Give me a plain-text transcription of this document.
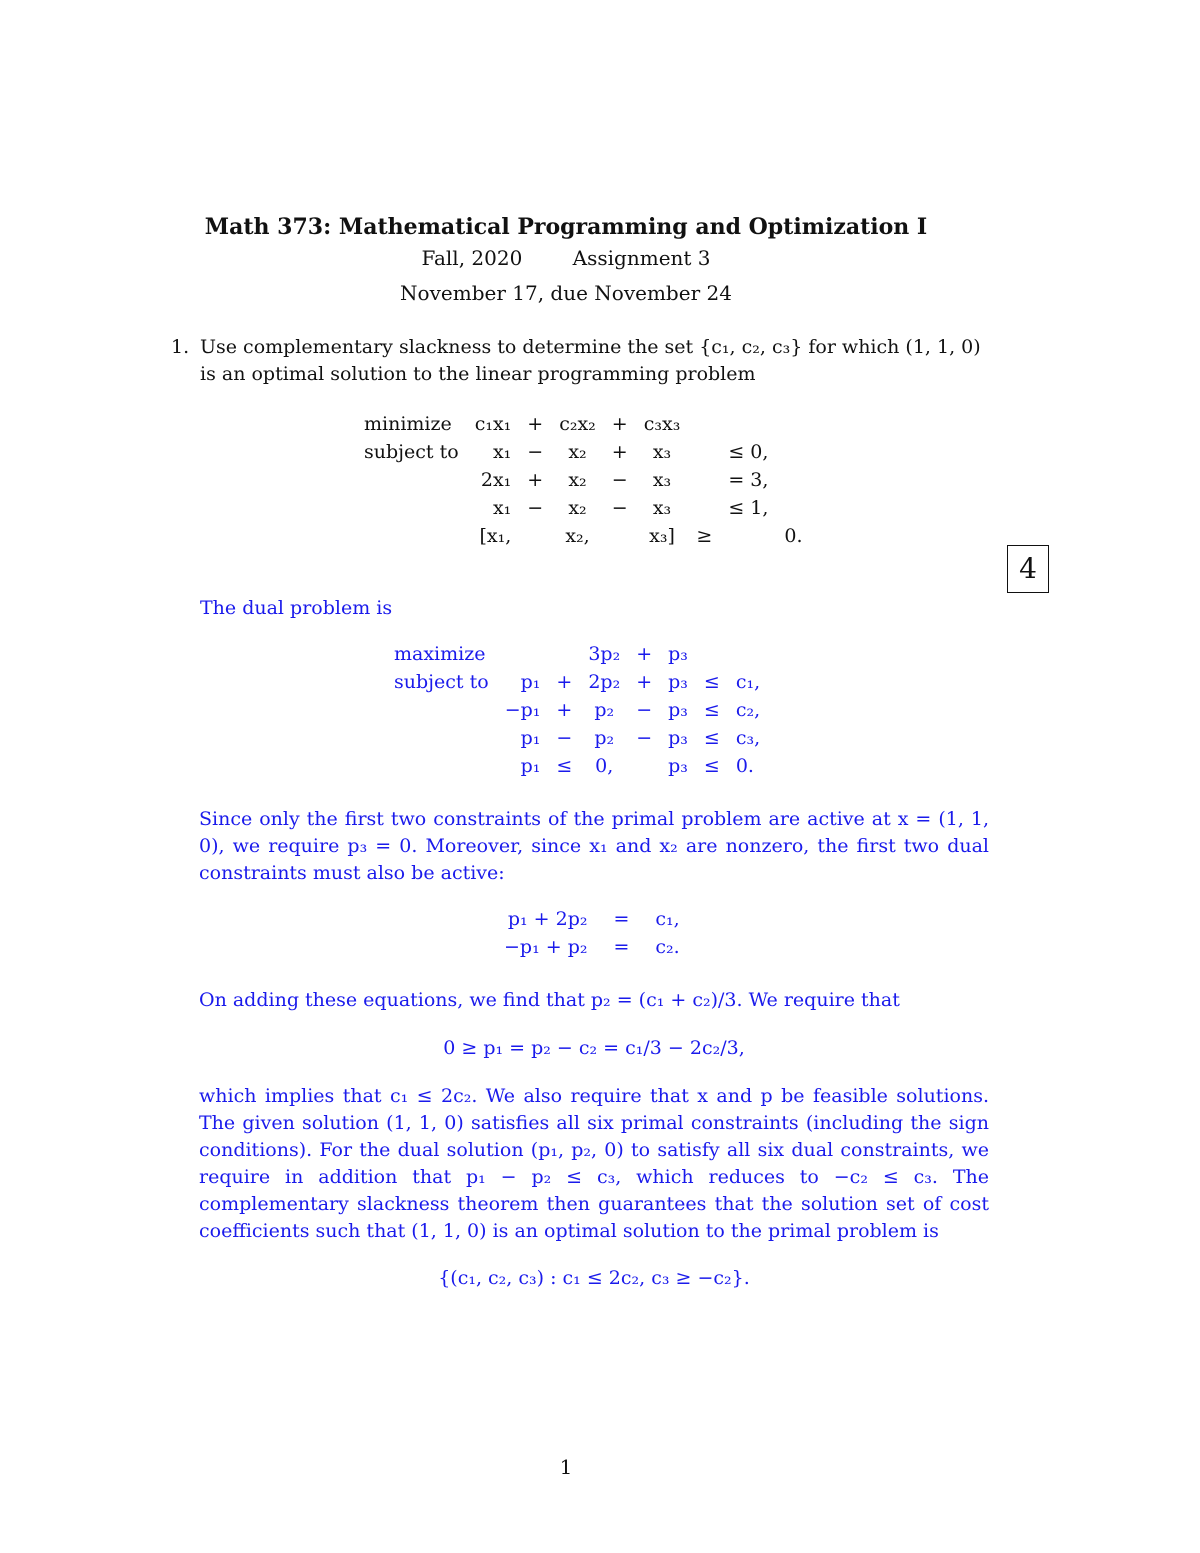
Math 373: Mathematical Programming and Optimization I
Fall, 2020	Assignment 3
November 17, due November 24
1. Use complementary slackness to determine the set {c₁, c₂, c₃} for which (1, 1, 0)
is an optimal solution to the linear programming problem
minimize	c₁x₁	+	c₂x₂	+	c₃x₃		
subject to	x₁	−	x₂	+	x₃	≤ 0,	
	2x₁	+	x₂	−	x₃	= 3,	
	x₁	−	x₂	−	x₃	≤ 1,	
	[x₁,		x₂,		x₃]	≥	0.
4
The dual problem is
maximize			3p₂	+	p₃		
subject to	p₁	+	2p₂	+	p₃	≤	c₁,
	−p₁	+	p₂	−	p₃	≤	c₂,
	p₁	−	p₂	−	p₃	≤	c₃,
	p₁	≤	0,		p₃	≤	0.
Since only the first two constraints of the primal problem are active at x = (1, 1, 0), we require p₃ = 0. Moreover, since x₁ and x₂ are nonzero, the first two dual constraints must also be active:
p₁ + 2p₂	=	c₁,
−p₁ + p₂	=	c₂.
On adding these equations, we find that p₂ = (c₁ + c₂)/3. We require that
0 ≥ p₁ = p₂ − c₂ = c₁/3 − 2c₂/3,
which implies that c₁ ≤ 2c₂. We also require that x and p be feasible solutions. The given solution (1, 1, 0) satisfies all six primal constraints (including the sign conditions). For the dual solution (p₁, p₂, 0) to satisfy all six dual constraints, we require in addition that p₁ − p₂ ≤ c₃, which reduces to −c₂ ≤ c₃. The complementary slackness theorem then guarantees that the solution set of cost coefficients such that (1, 1, 0) is an optimal solution to the primal problem is
{(c₁, c₂, c₃) : c₁ ≤ 2c₂, c₃ ≥ −c₂}.
1
